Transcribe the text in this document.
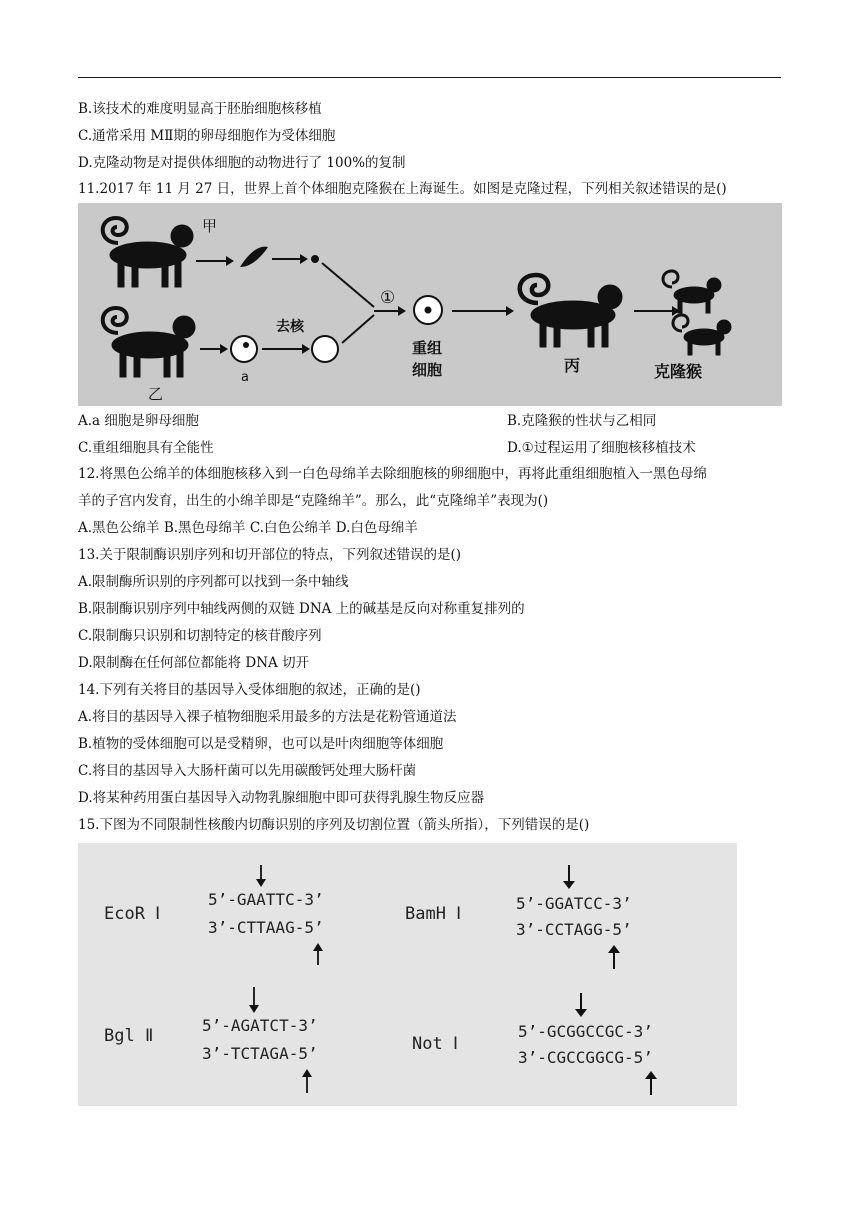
B.该技术的难度明显高于胚胎细胞核移植
C.通常采用 MⅡ期的卵母细胞作为受体细胞
D.克隆动物是对提供体细胞的动物进行了 100%的复制
11.2017 年 11 月 27 日，世界上首个体细胞克隆猴在上海诞生。如图是克隆过程，下列相关叙述错误的是()
甲
乙
a
去核
①
重组
细胞	丙	克隆猴
A.a 细胞是卵母细胞	B.克隆猴的性状与乙相同
C.重组细胞具有全能性	D.①过程运用了细胞核移植技术
12.将黑色公绵羊的体细胞核移入到一白色母绵羊去除细胞核的卵细胞中，再将此重组细胞植入一黑色母绵
羊的子宫内发育，出生的小绵羊即是“克隆绵羊”。那么，此“克隆绵羊”表现为()
A.黑色公绵羊 B.黑色母绵羊 C.白色公绵羊 D.白色母绵羊
13.关于限制酶识别序列和切开部位的特点，下列叙述错误的是()
A.限制酶所识别的序列都可以找到一条中轴线
B.限制酶识别序列中轴线两侧的双链 DNA 上的碱基是反向对称重复排列的
C.限制酶只识别和切割特定的核苷酸序列
D.限制酶在任何部位都能将 DNA 切开
14.下列有关将目的基因导入受体细胞的叙述，正确的是()
A.将目的基因导入裸子植物细胞采用最多的方法是花粉管通道法
B.植物的受体细胞可以是受精卵，也可以是叶肉细胞等体细胞
C.将目的基因导入大肠杆菌可以先用碳酸钙处理大肠杆菌
D.将某种药用蛋白基因导入动物乳腺细胞中即可获得乳腺生物反应器
15.下图为不同限制性核酸内切酶识别的序列及切割位置（箭头所指），下列错误的是()
EcoR Ⅰ
5’-GAATTC-3’
3’-CTTAAG-5’
BamH Ⅰ
5’-GGATCC-3’
3’-CCTAGG-5’
Bgl Ⅱ
5’-AGATCT-3’
3’-TCTAGA-5’	Not Ⅰ
5’-GCGGCCGC-3’
3’-CGCCGGCG-5’
